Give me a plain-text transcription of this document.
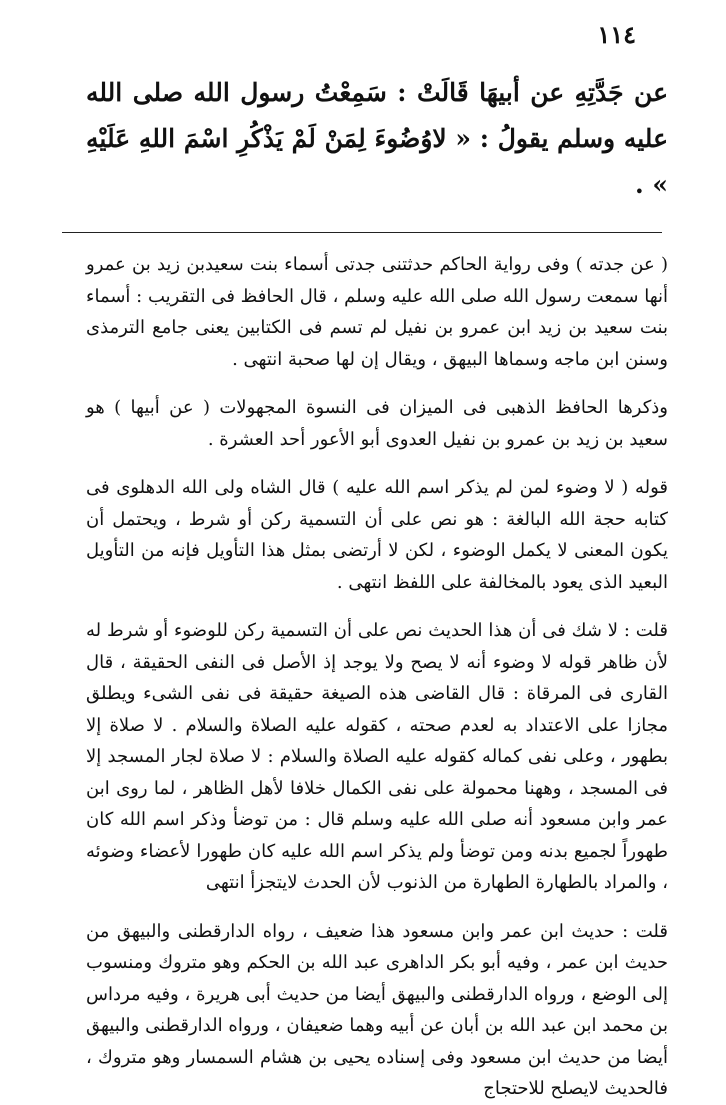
١١٤
عن جَدَّتِهِ عن أبيهَا قَالَتْ : سَمِعْتُ رسول الله صلى الله عليه وسلم يقولُ : « لاوُضُوءَ لِمَنْ لَمْ يَذْكُرِ اسْمَ اللهِ عَلَيْهِ » .

( عن جدته ) وفى رواية الحاكم حدثتنى جدتى أسماء بنت سعيدبن زيد بن عمرو أنها سمعت رسول الله صلى الله عليه وسلم ، قال الحافظ فى التقريب : أسماء بنت سعيد بن زيد ابن عمرو بن نفيل لم تسم فى الكتابين يعنى جامع الترمذى وسنن ابن ماجه وسماها البيهق ، ويقال إن لها صحبة انتهى .

وذكرها الحافظ الذهبى فى الميزان فى النسوة المجهولات ( عن أبيها ) هو سعيد بن زيد بن عمرو بن نفيل العدوى أبو الأعور أحد العشرة .

قوله ( لا وضوء لمن لم يذكر اسم الله عليه ) قال الشاه ولى الله الدهلوى فى كتابه حجة الله البالغة : هو نص على أن التسمية ركن أو شرط ، ويحتمل أن يكون المعنى لا يكمل الوضوء ، لكن لا أرتضى بمثل هذا التأويل فإنه من التأويل البعيد الذى يعود بالمخالفة على اللفظ انتهى .

قلت : لا شك فى أن هذا الحديث نص على أن التسمية ركن للوضوء أو شرط له لأن ظاهر قوله لا وضوء أنه لا يصح ولا يوجد إذ الأصل فى النفى الحقيقة ، قال القارى فى المرقاة : قال القاضى هذه الصيغة حقيقة فى نفى الشىء ويطلق مجازا على الاعتداد به لعدم صحته ، كقوله عليه الصلاة والسلام . لا صلاة إلا بطهور ، وعلى نفى كماله كقوله عليه الصلاة والسلام : لا صلاة لجار المسجد إلا فى المسجد ، وههنا محمولة على نفى الكمال خلافا لأهل الظاهر ، لما روى ابن عمر وابن مسعود أنه صلى الله عليه وسلم قال : من توضأ وذكر اسم الله كان طهوراً لجميع بدنه ومن توضأ ولم يذكر اسم الله عليه كان طهورا لأعضاء وضوئه ، والمراد بالطهارة الطهارة من الذنوب لأن الحدث لايتجزأ انتهى

قلت : حديث ابن عمر وابن مسعود هذا ضعيف ، رواه الدارقطنى والبيهق من حديث ابن عمر ، وفيه أبو بكر الداهرى عبد الله بن الحكم وهو متروك ومنسوب إلى الوضع ، ورواه الدارقطنى والبيهق أيضا من حديث أبى هريرة ، وفيه مرداس بن محمد ابن عبد الله بن أبان عن أبيه وهما ضعيفان ، ورواه الدارقطنى والبيهق أيضا من حديث ابن مسعود وفى إسناده يحيى بن هشام السمسار وهو متروك ، فالحديث لايصلح للاحتجاج
